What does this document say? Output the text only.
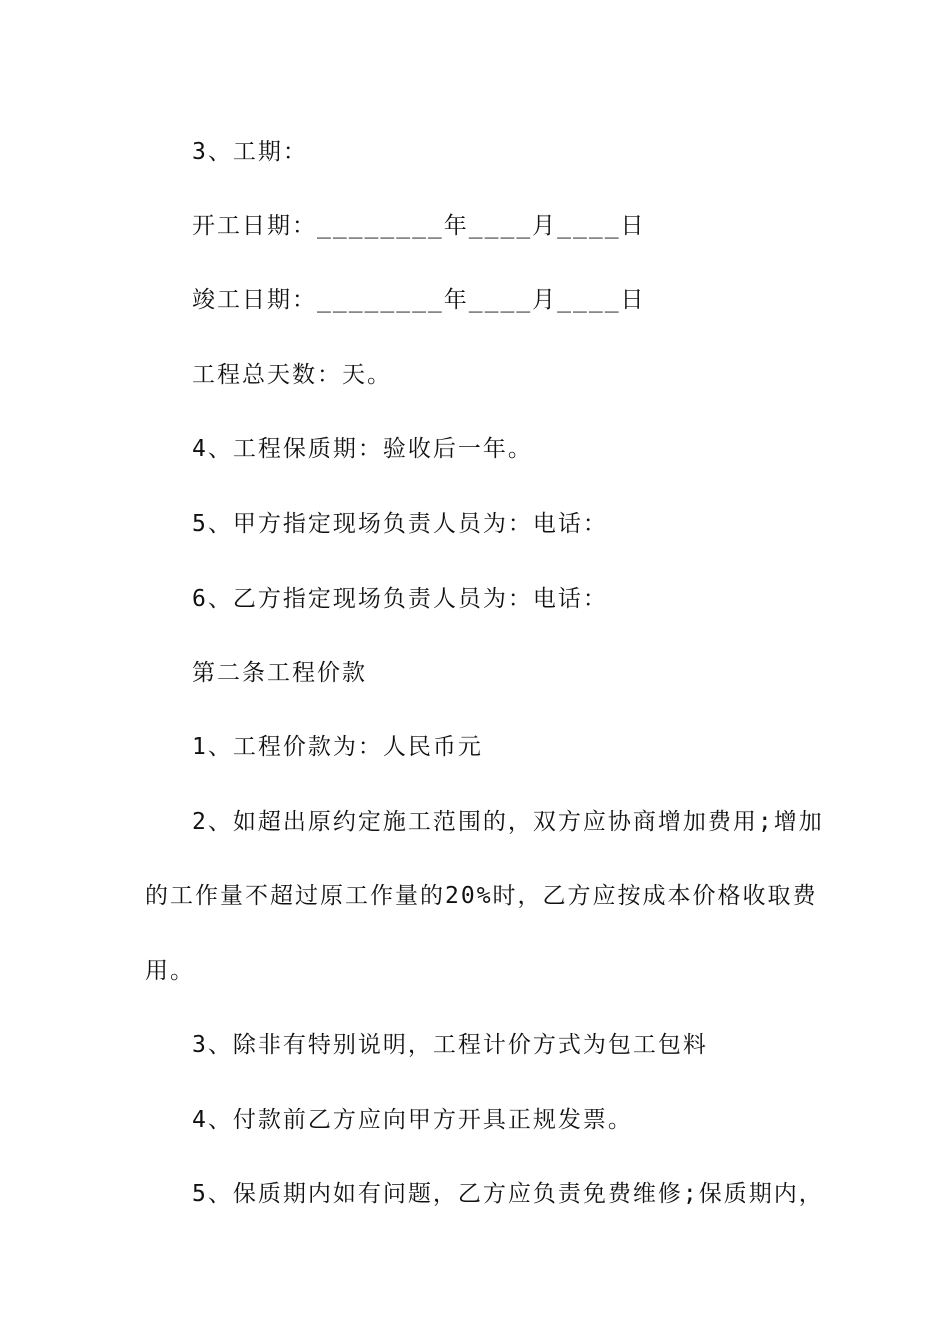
3、工期：
开工日期：________年____月____日
竣工日期：________年____月____日
工程总天数：天。
4、工程保质期：验收后一年。
5、甲方指定现场负责人员为：电话：
6、乙方指定现场负责人员为：电话：
第二条工程价款
1、工程价款为：人民币元
2、如超出原约定施工范围的，双方应协商增加费用;增加
的工作量不超过原工作量的20%时，乙方应按成本价格收取费
用。
3、除非有特别说明，工程计价方式为包工包料
4、付款前乙方应向甲方开具正规发票。
5、保质期内如有问题，乙方应负责免费维修;保质期内，
